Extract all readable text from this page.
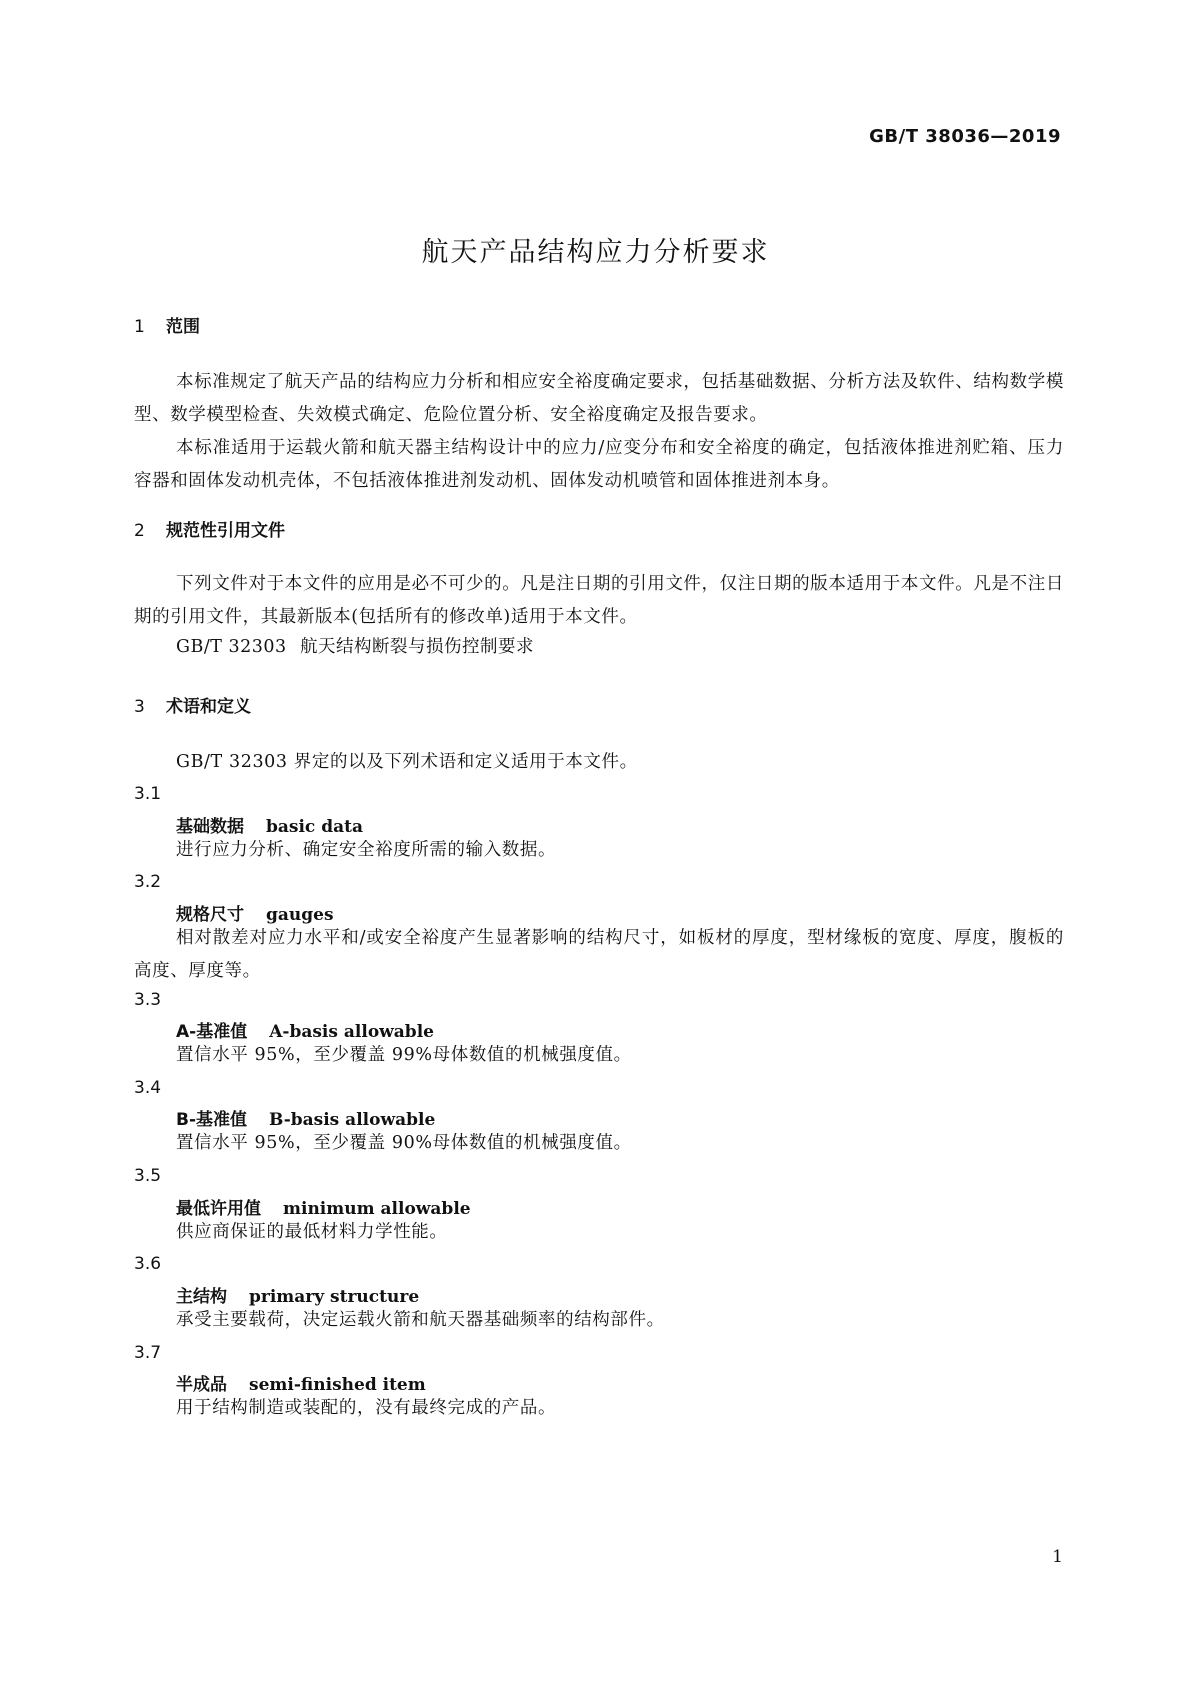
GB/T 38036—2019
航天产品结构应力分析要求
1 范围
本标准规定了航天产品的结构应力分析和相应安全裕度确定要求，包括基础数据、分析方法及软件、结构数学模型、数学模型检查、失效模式确定、危险位置分析、安全裕度确定及报告要求。
本标准适用于运载火箭和航天器主结构设计中的应力/应变分布和安全裕度的确定，包括液体推进剂贮箱、压力容器和固体发动机壳体，不包括液体推进剂发动机、固体发动机喷管和固体推进剂本身。
2 规范性引用文件
下列文件对于本文件的应用是必不可少的。凡是注日期的引用文件，仅注日期的版本适用于本文件。凡是不注日期的引用文件，其最新版本(包括所有的修改单)适用于本文件。
GB/T 32303 航天结构断裂与损伤控制要求
3 术语和定义
GB/T 32303 界定的以及下列术语和定义适用于本文件。
3.1
基础数据 basic data
进行应力分析、确定安全裕度所需的输入数据。
3.2
规格尺寸 gauges
相对散差对应力水平和/或安全裕度产生显著影响的结构尺寸，如板材的厚度，型材缘板的宽度、厚度，腹板的高度、厚度等。
3.3
A-基准值 A-basis allowable
置信水平 95%，至少覆盖 99%母体数值的机械强度值。
3.4
B-基准值 B-basis allowable
置信水平 95%，至少覆盖 90%母体数值的机械强度值。
3.5
最低许用值 minimum allowable
供应商保证的最低材料力学性能。
3.6
主结构 primary structure
承受主要载荷，决定运载火箭和航天器基础频率的结构部件。
3.7
半成品 semi-finished item
用于结构制造或装配的，没有最终完成的产品。
1
